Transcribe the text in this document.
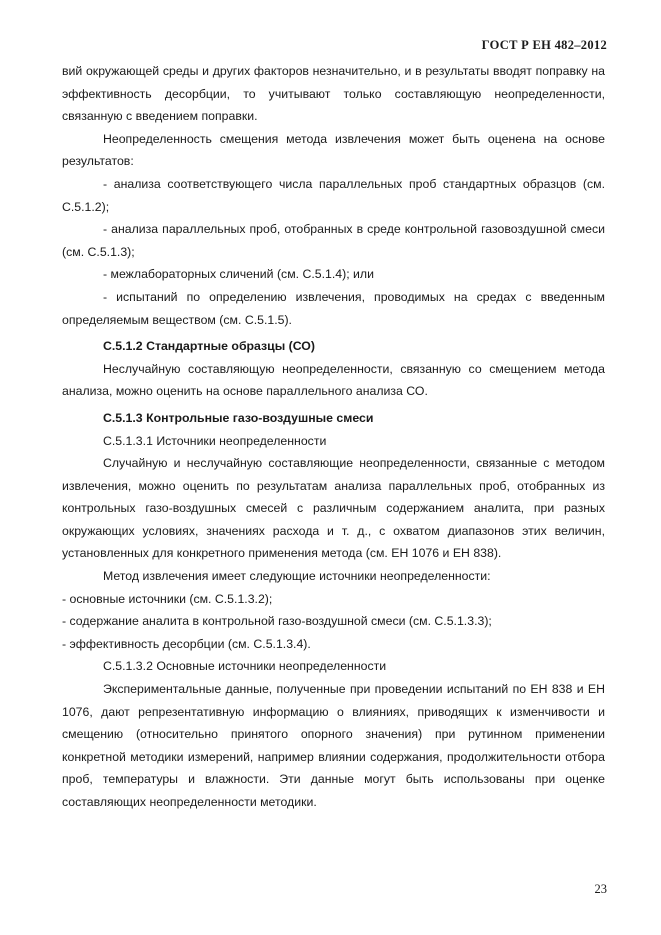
ГОСТ Р ЕН 482–2012

вий окружающей среды и других факторов незначительно, и в результаты вводят поправку на эффективность десорбции, то учитывают только составляющую неопределенности, связанную с введением поправки.

Неопределенность смещения метода извлечения может быть оценена на основе результатов:

- анализа соответствующего числа параллельных проб стандартных образцов (см. С.5.1.2);

- анализа параллельных проб, отобранных в среде контрольной газовоздушной смеси (см. С.5.1.3);

- межлабораторных сличений (см. С.5.1.4); или

- испытаний по определению извлечения, проводимых на средах с введенным определяемым веществом (см. С.5.1.5).

С.5.1.2 Стандартные образцы (СО)

Неслучайную составляющую неопределенности, связанную со смещением метода анализа, можно оценить на основе параллельного анализа СО.

С.5.1.3 Контрольные газо-воздушные смеси

С.5.1.3.1 Источники неопределенности

Случайную и неслучайную составляющие неопределенности, связанные с методом извлечения, можно оценить по результатам анализа параллельных проб, отобранных из контрольных газо-воздушных смесей с различным содержанием аналита, при разных окружающих условиях, значениях расхода и т. д., с охватом диапазонов этих величин, установленных для конкретного применения метода (см. ЕН 1076 и ЕН 838).

Метод извлечения имеет следующие источники неопределенности:

- основные источники (см. С.5.1.3.2);

- содержание аналита в контрольной газо-воздушной смеси (см. С.5.1.3.3);

- эффективность десорбции (см. С.5.1.3.4).

С.5.1.3.2 Основные источники неопределенности

Экспериментальные данные, полученные при проведении испытаний по ЕН 838 и ЕН 1076, дают репрезентативную информацию о влияниях, приводящих к изменчивости и смещению (относительно принятого опорного значения) при рутинном применении конкретной методики измерений, например влиянии содержания, продолжительности отбора проб, температуры и влажности. Эти данные могут быть использованы при оценке составляющих неопределенности методики.

23
